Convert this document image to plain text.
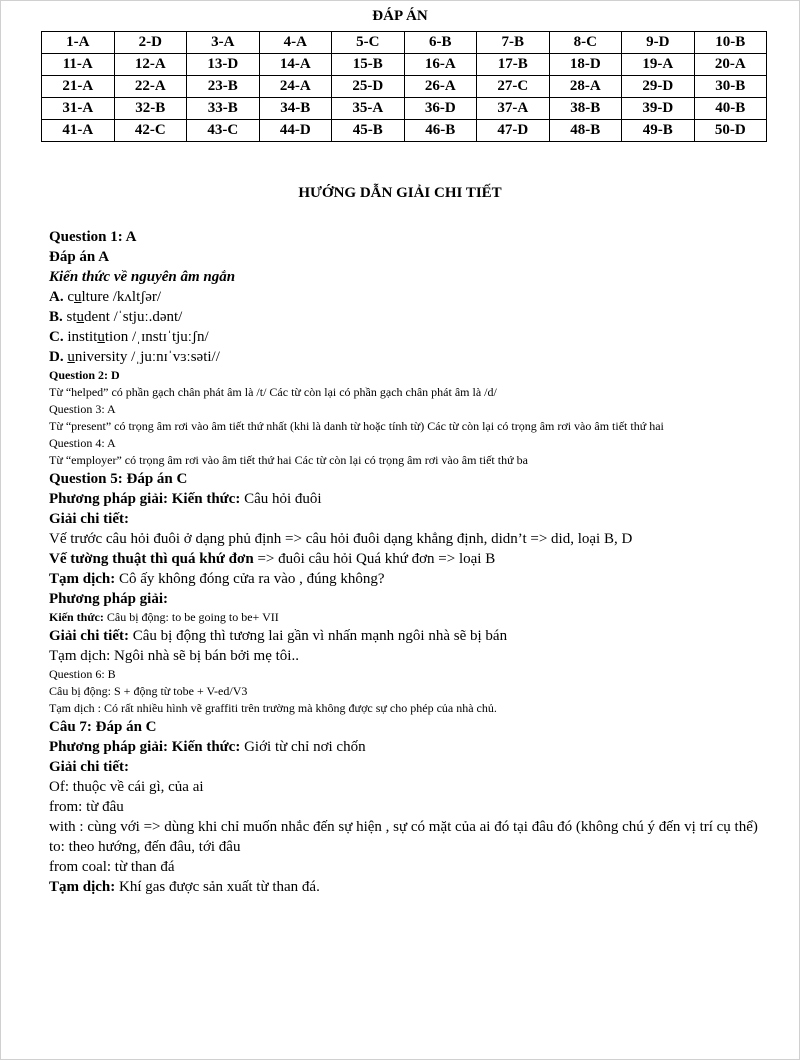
ĐÁP ÁN
1-A	2-D	3-A	4-A	5-C	6-B	7-B	8-C	9-D	10-B
11-A	12-A	13-D	14-A	15-B	16-A	17-B	18-D	19-A	20-A
21-A	22-A	23-B	24-A	25-D	26-A	27-C	28-A	29-D	30-B
31-A	32-B	33-B	34-B	35-A	36-D	37-A	38-B	39-D	40-B
41-A	42-C	43-C	44-D	45-B	46-B	47-D	48-B	49-B	50-D
HƯỚNG DẪN GIẢI CHI TIẾT
Question 1: A
Đáp án A
Kiến thức về nguyên âm ngắn
A. culture /kʌltʃər/
B. student /ˈstjuː.dənt/
C. institution /ˌɪnstɪˈtjuːʃn/
D. university /ˌjuːnɪˈvɜːsəti//
Question 2: D
Từ “helped” có phần gạch chân phát âm là /t/ Các từ còn lại có phần gạch chân phát âm là /d/
Question 3: A
Từ “present” có trọng âm rơi vào âm tiết thứ nhất (khi là danh từ hoặc tính từ) Các từ còn lại có trọng âm rơi vào âm tiết thứ hai
Question 4: A
Từ “employer” có trọng âm rơi vào âm tiết thứ hai Các từ còn lại có trọng âm rơi vào âm tiết thứ ba
Question 5: Đáp án C
Phương pháp giải: Kiến thức: Câu hỏi đuôi
Giải chi tiết:
Vế trước câu hỏi đuôi ở dạng phủ định => câu hỏi đuôi dạng khẳng định, didn’t => did, loại B, D
Vế tường thuật thì quá khứ đơn => đuôi câu hỏi Quá khứ đơn => loại B
Tạm dịch: Cô ấy không đóng cửa ra vào , đúng không?
Phương pháp giải:
Kiến thức: Câu bị động: to be going to be+ VII
Giải chi tiết: Câu bị động thì tương lai gần vì nhấn mạnh ngôi nhà sẽ bị bán
Tạm dịch: Ngôi nhà sẽ bị bán bởi mẹ tôi..
Question 6: B
Câu bị động: S + động từ tobe + V-ed/V3
Tạm dịch : Có rất nhiều hình vẽ graffiti trên trường mà không được sự cho phép của nhà chủ.
Câu 7: Đáp án C
Phương pháp giải: Kiến thức: Giới từ chỉ nơi chốn
Giải chi tiết:
Of: thuộc về cái gì, của ai
from: từ đâu
with : cùng với => dùng khi chỉ muốn nhắc đến sự hiện , sự có mặt của ai đó tại đâu đó (không chú ý đến vị trí cụ thể)
to: theo hướng, đến đâu, tới đâu
from coal: từ than đá
Tạm dịch: Khí gas được sản xuất từ than đá.
